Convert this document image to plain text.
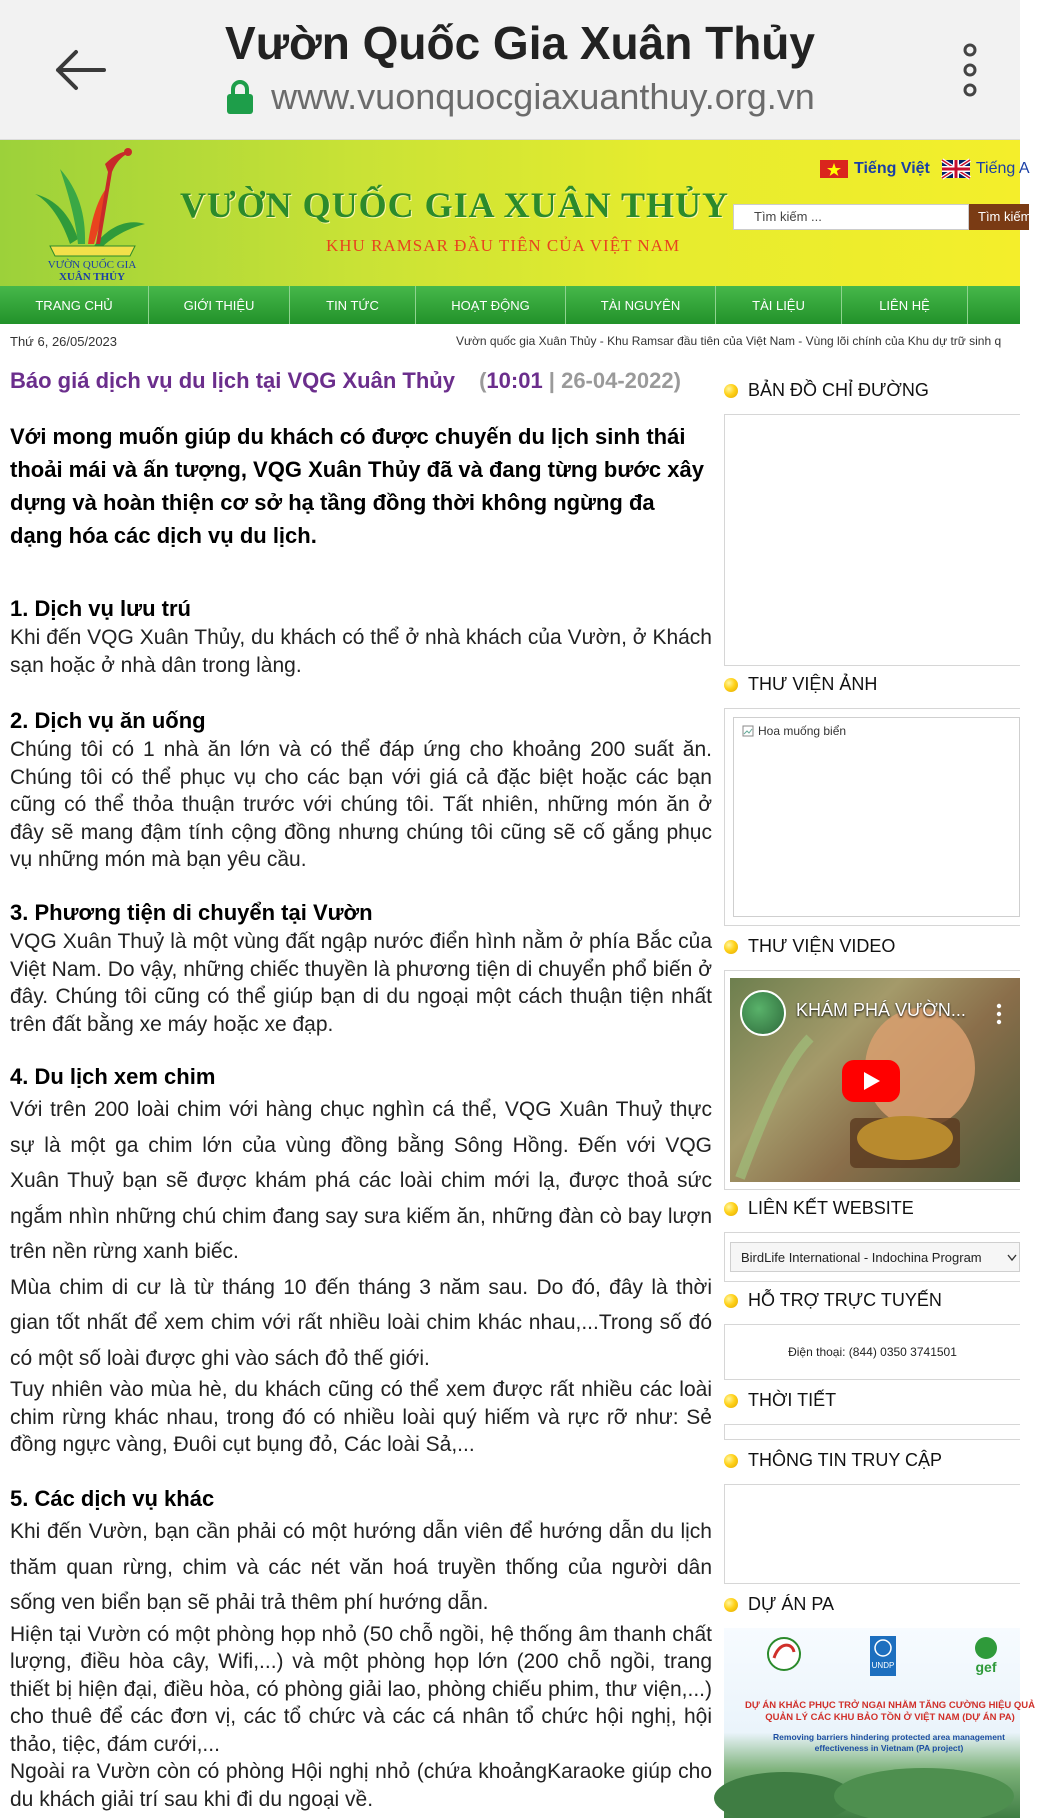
Vườn Quốc Gia Xuân Thủy
www.vuonquocgiaxuanthuy.org.vn
VƯỜN QUỐC GIA
XUÂN THỦY
VƯỜN QUỐC GIA XUÂN THỦY
KHU RAMSAR ĐẦU TIÊN CỦA VIỆT NAM
Tiếng Việt	Tiếng A
Tìm kiếm ...	Tìm kiếm
TRANG CHỦ	GIỚI THIỆU	TIN TỨC	HOẠT ĐỘNG	TÀI NGUYÊN	TÀI LIỆU	LIÊN HỆ
Thứ 6, 26/05/2023	Vườn quốc gia Xuân Thủy - Khu Ramsar đầu tiên của Việt Nam - Vùng lõi chính của Khu dự trữ sinh q
Báo giá dịch vụ du lịch tại VQG Xuân Thủy (10:01 | 26-04-2022)
Với mong muốn giúp du khách có được chuyến du lịch sinh thái thoải mái và ấn tượng, VQG Xuân Thủy đã và đang từng bước xây dựng và hoàn thiện cơ sở hạ tầng đồng thời không ngừng đa dạng hóa các dịch vụ du lịch.
1. Dịch vụ lưu trú

Khi đến VQG Xuân Thủy, du khách có thể ở nhà khách của Vườn, ở Khách sạn hoặc ở nhà dân trong làng.

2. Dịch vụ ăn uống

Chúng tôi có 1 nhà ăn lớn và có thể đáp ứng cho khoảng 200 suất ăn. Chúng tôi có thể phục vụ cho các bạn với giá cả đặc biệt hoặc các bạn cũng có thể thỏa thuận trước với chúng tôi. Tất nhiên, những món ăn ở đây sẽ mang đậm tính cộng đồng nhưng chúng tôi cũng sẽ cố gắng phục vụ những món mà bạn yêu cầu.

3. Phương tiện di chuyển tại Vườn

VQG Xuân Thuỷ là một vùng đất ngập nước điển hình nằm ở phía Bắc của Việt Nam. Do vậy, những chiếc thuyền là phương tiện di chuyển phổ biến ở đây. Chúng tôi cũng có thể giúp bạn di du ngoại một cách thuận tiện nhất trên đất bằng xe máy hoặc xe đạp.

4. Du lịch xem chim

Với trên 200 loài chim với hàng chục nghìn cá thể, VQG Xuân Thuỷ thực sự là một ga chim lớn của vùng đồng bằng Sông Hồng. Đến với VQG Xuân Thuỷ bạn sẽ được khám phá các loài chim mới lạ, được thoả sức ngắm nhìn những chú chim đang say sưa kiếm ăn, những đàn cò bay lượn trên nền rừng xanh biếc.

Mùa chim di cư là từ tháng 10 đến tháng 3 năm sau. Do đó, đây là thời gian tốt nhất để xem chim với rất nhiều loài chim khác nhau,...Trong số đó có một số loài được ghi vào sách đỏ thế giới.

Tuy nhiên vào mùa hè, du khách cũng có thể xem được rất nhiều các loài chim rừng khác nhau, trong đó có nhiều loài quý hiếm và rực rỡ như: Sẻ đồng ngực vàng, Đuôi cụt bụng đỏ, Các loài Sả,...

5. Các dịch vụ khác

Khi đến Vườn, bạn cần phải có một hướng dẫn viên để hướng dẫn du lịch thăm quan rừng, chim và các nét văn hoá truyền thống của người dân sống ven biển bạn sẽ phải trả thêm phí hướng dẫn.

Hiện tại Vườn có một phòng họp nhỏ (50 chỗ ngồi, hệ thống âm thanh chất lượng, điều hòa cây, Wifi,...) và một phòng họp lớn (200 chỗ ngồi, trang thiết bị hiện đại, điều hòa, có phòng giải lao, phòng chiếu phim, thư viện,...) cho thuê để các đơn vị, các tổ chức và các cá nhân tổ chức hội nghị, hội thảo, tiệc, đám cưới,...

Ngoài ra Vườn còn có phòng Hội nghị nhỏ (chứa khoảngKaraoke giúp cho du khách giải trí sau khi đi du ngoại về.

BẢN ĐỒ CHỈ ĐƯỜNG
THƯ VIỆN ẢNH
Hoa muống biển
THƯ VIỆN VIDEO
KHÁM PHÁ VƯỜN...
LIÊN KẾT WEBSITE
BirdLife International - Indochina Program
HỖ TRỢ TRỰC TUYẾN
Điện thoại: (844) 0350 3741501
THỜI TIẾT
THÔNG TIN TRUY CẬP
DỰ ÁN PA
UNDP	gef
DỰ ÁN KHẮC PHỤC TRỞ NGẠI NHẰM TĂNG CƯỜNG HIỆU QUẢ QUẢN LÝ CÁC KHU BẢO TỒN Ở VIỆT NAM (DỰ ÁN PA)
Removing barriers hindering protected area management effectiveness in Vietnam (PA project)
